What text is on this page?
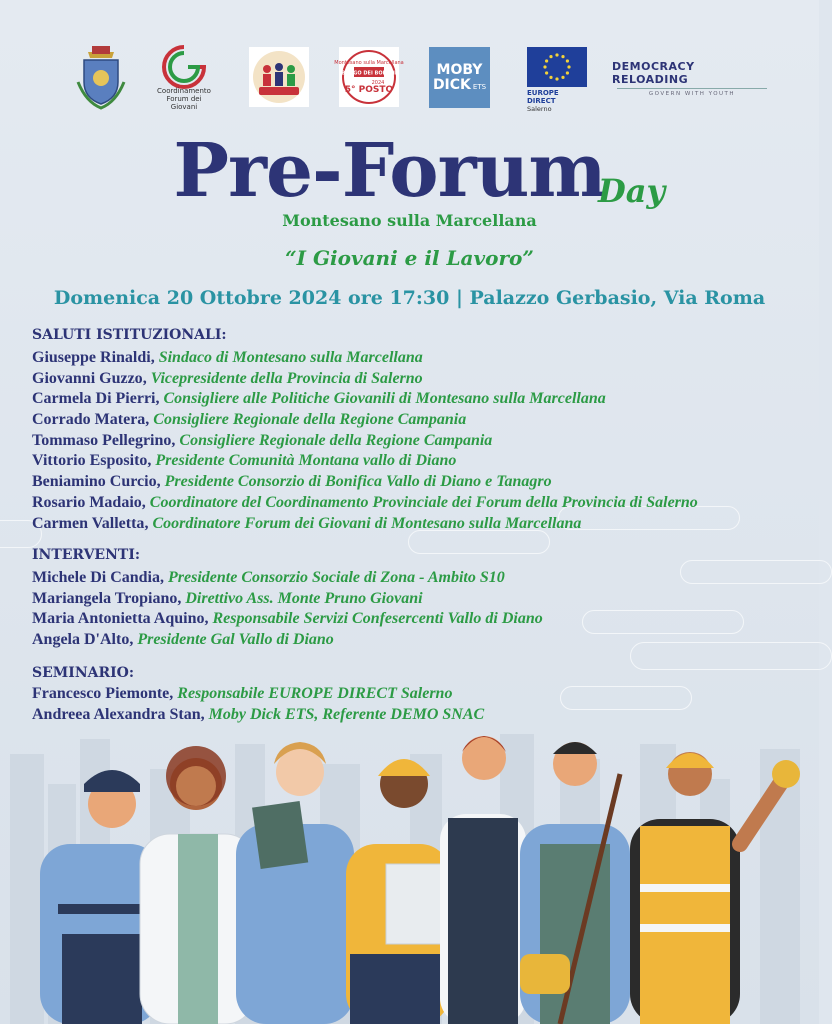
Coordinamento
Forum dei Giovani
Montesano sulla Marcellana
BORGO DEI BORGHI
5° POSTO
2024
MOBY
DICK ETS
EUROPE DIRECT
Salerno
DEMOCRACY RELOADING
GOVERN WITH YOUTH
Pre-Forum
Day
Montesano sulla Marcellana
“I Giovani e il Lavoro”
Domenica 20 Ottobre 2024 ore 17:30 | Palazzo Gerbasio, Via Roma
SALUTI ISTITUZIONALI:
Giuseppe Rinaldi, Sindaco di Montesano sulla Marcellana
Giovanni Guzzo, Vicepresidente della Provincia di Salerno
Carmela Di Pierri, Consigliere alle Politiche Giovanili di Montesano sulla Marcellana
Corrado Matera, Consigliere Regionale della Regione Campania
Tommaso Pellegrino, Consigliere Regionale della Regione Campania
Vittorio Esposito, Presidente Comunità Montana vallo di Diano
Beniamino Curcio, Presidente Consorzio di Bonifica Vallo di Diano e Tanagro
Rosario Madaio, Coordinatore del Coordinamento Provinciale dei Forum della Provincia di Salerno
Carmen Valletta, Coordinatore Forum dei Giovani di Montesano sulla Marcellana
INTERVENTI:
Michele Di Candia, Presidente Consorzio Sociale di Zona - Ambito S10
Mariangela Tropiano, Direttivo Ass. Monte Pruno Giovani
Maria Antonietta Aquino, Responsabile Servizi Confesercenti Vallo di Diano
Angela D'Alto, Presidente Gal Vallo di Diano
SEMINARIO:
Francesco Piemonte, Responsabile EUROPE DIRECT Salerno
Andreea Alexandra Stan, Moby Dick ETS, Referente DEMO SNAC
